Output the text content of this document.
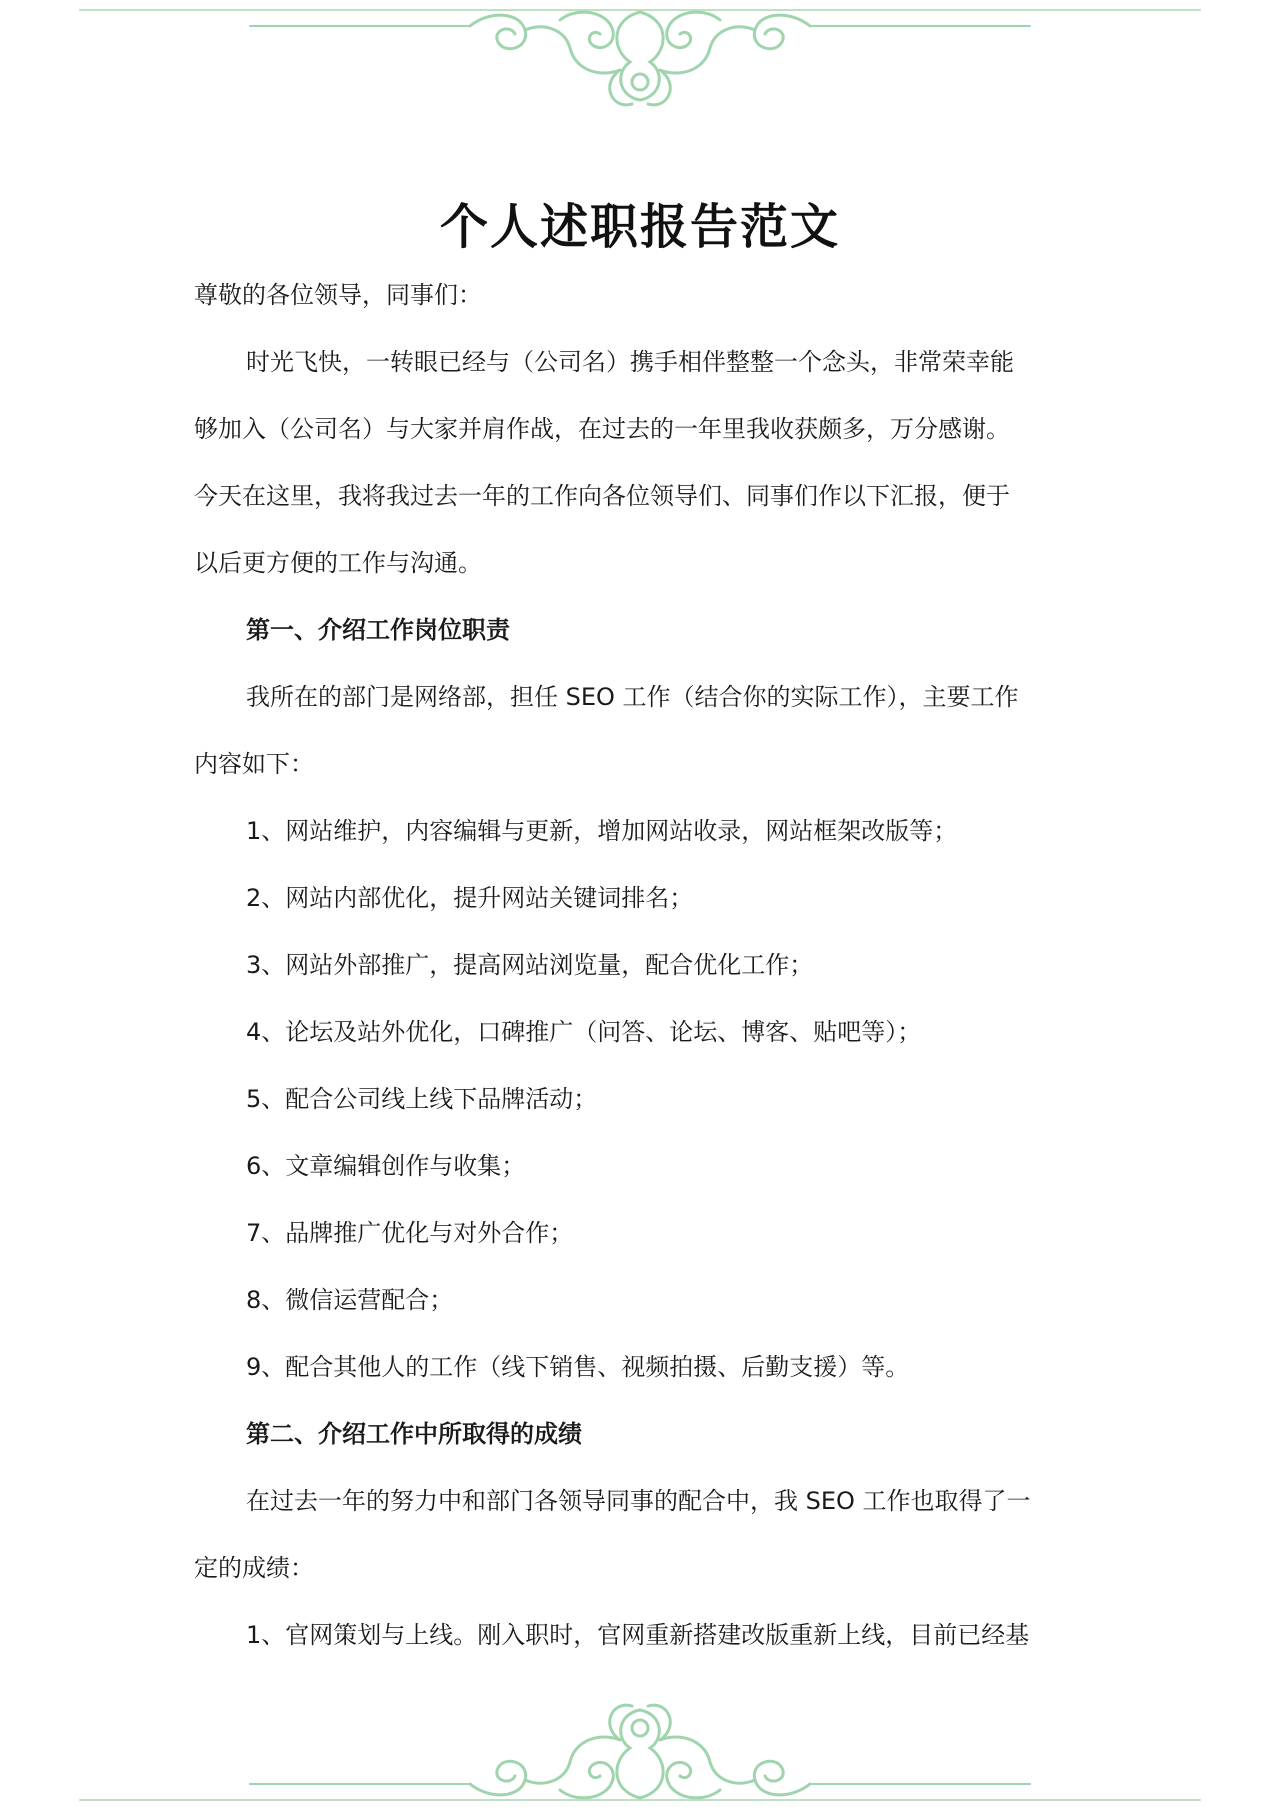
个人述职报告范文

尊敬的各位领导，同事们：

时光飞快，一转眼已经与（公司名）携手相伴整整一个念头，非常荣幸能

够加入（公司名）与大家并肩作战，在过去的一年里我收获颇多，万分感谢。

今天在这里，我将我过去一年的工作向各位领导们、同事们作以下汇报，便于

以后更方便的工作与沟通。

第一、介绍工作岗位职责

我所在的部门是网络部，担任 SEO 工作（结合你的实际工作），主要工作

内容如下：

1、网站维护，内容编辑与更新，增加网站收录，网站框架改版等；

2、网站内部优化，提升网站关键词排名；

3、网站外部推广，提高网站浏览量，配合优化工作；

4、论坛及站外优化，口碑推广（问答、论坛、博客、贴吧等）；

5、配合公司线上线下品牌活动；

6、文章编辑创作与收集；

7、品牌推广优化与对外合作；

8、微信运营配合；

9、配合其他人的工作（线下销售、视频拍摄、后勤支援）等。

第二、介绍工作中所取得的成绩

在过去一年的努力中和部门各领导同事的配合中，我 SEO 工作也取得了一

定的成绩：

1、官网策划与上线。刚入职时，官网重新搭建改版重新上线，目前已经基
